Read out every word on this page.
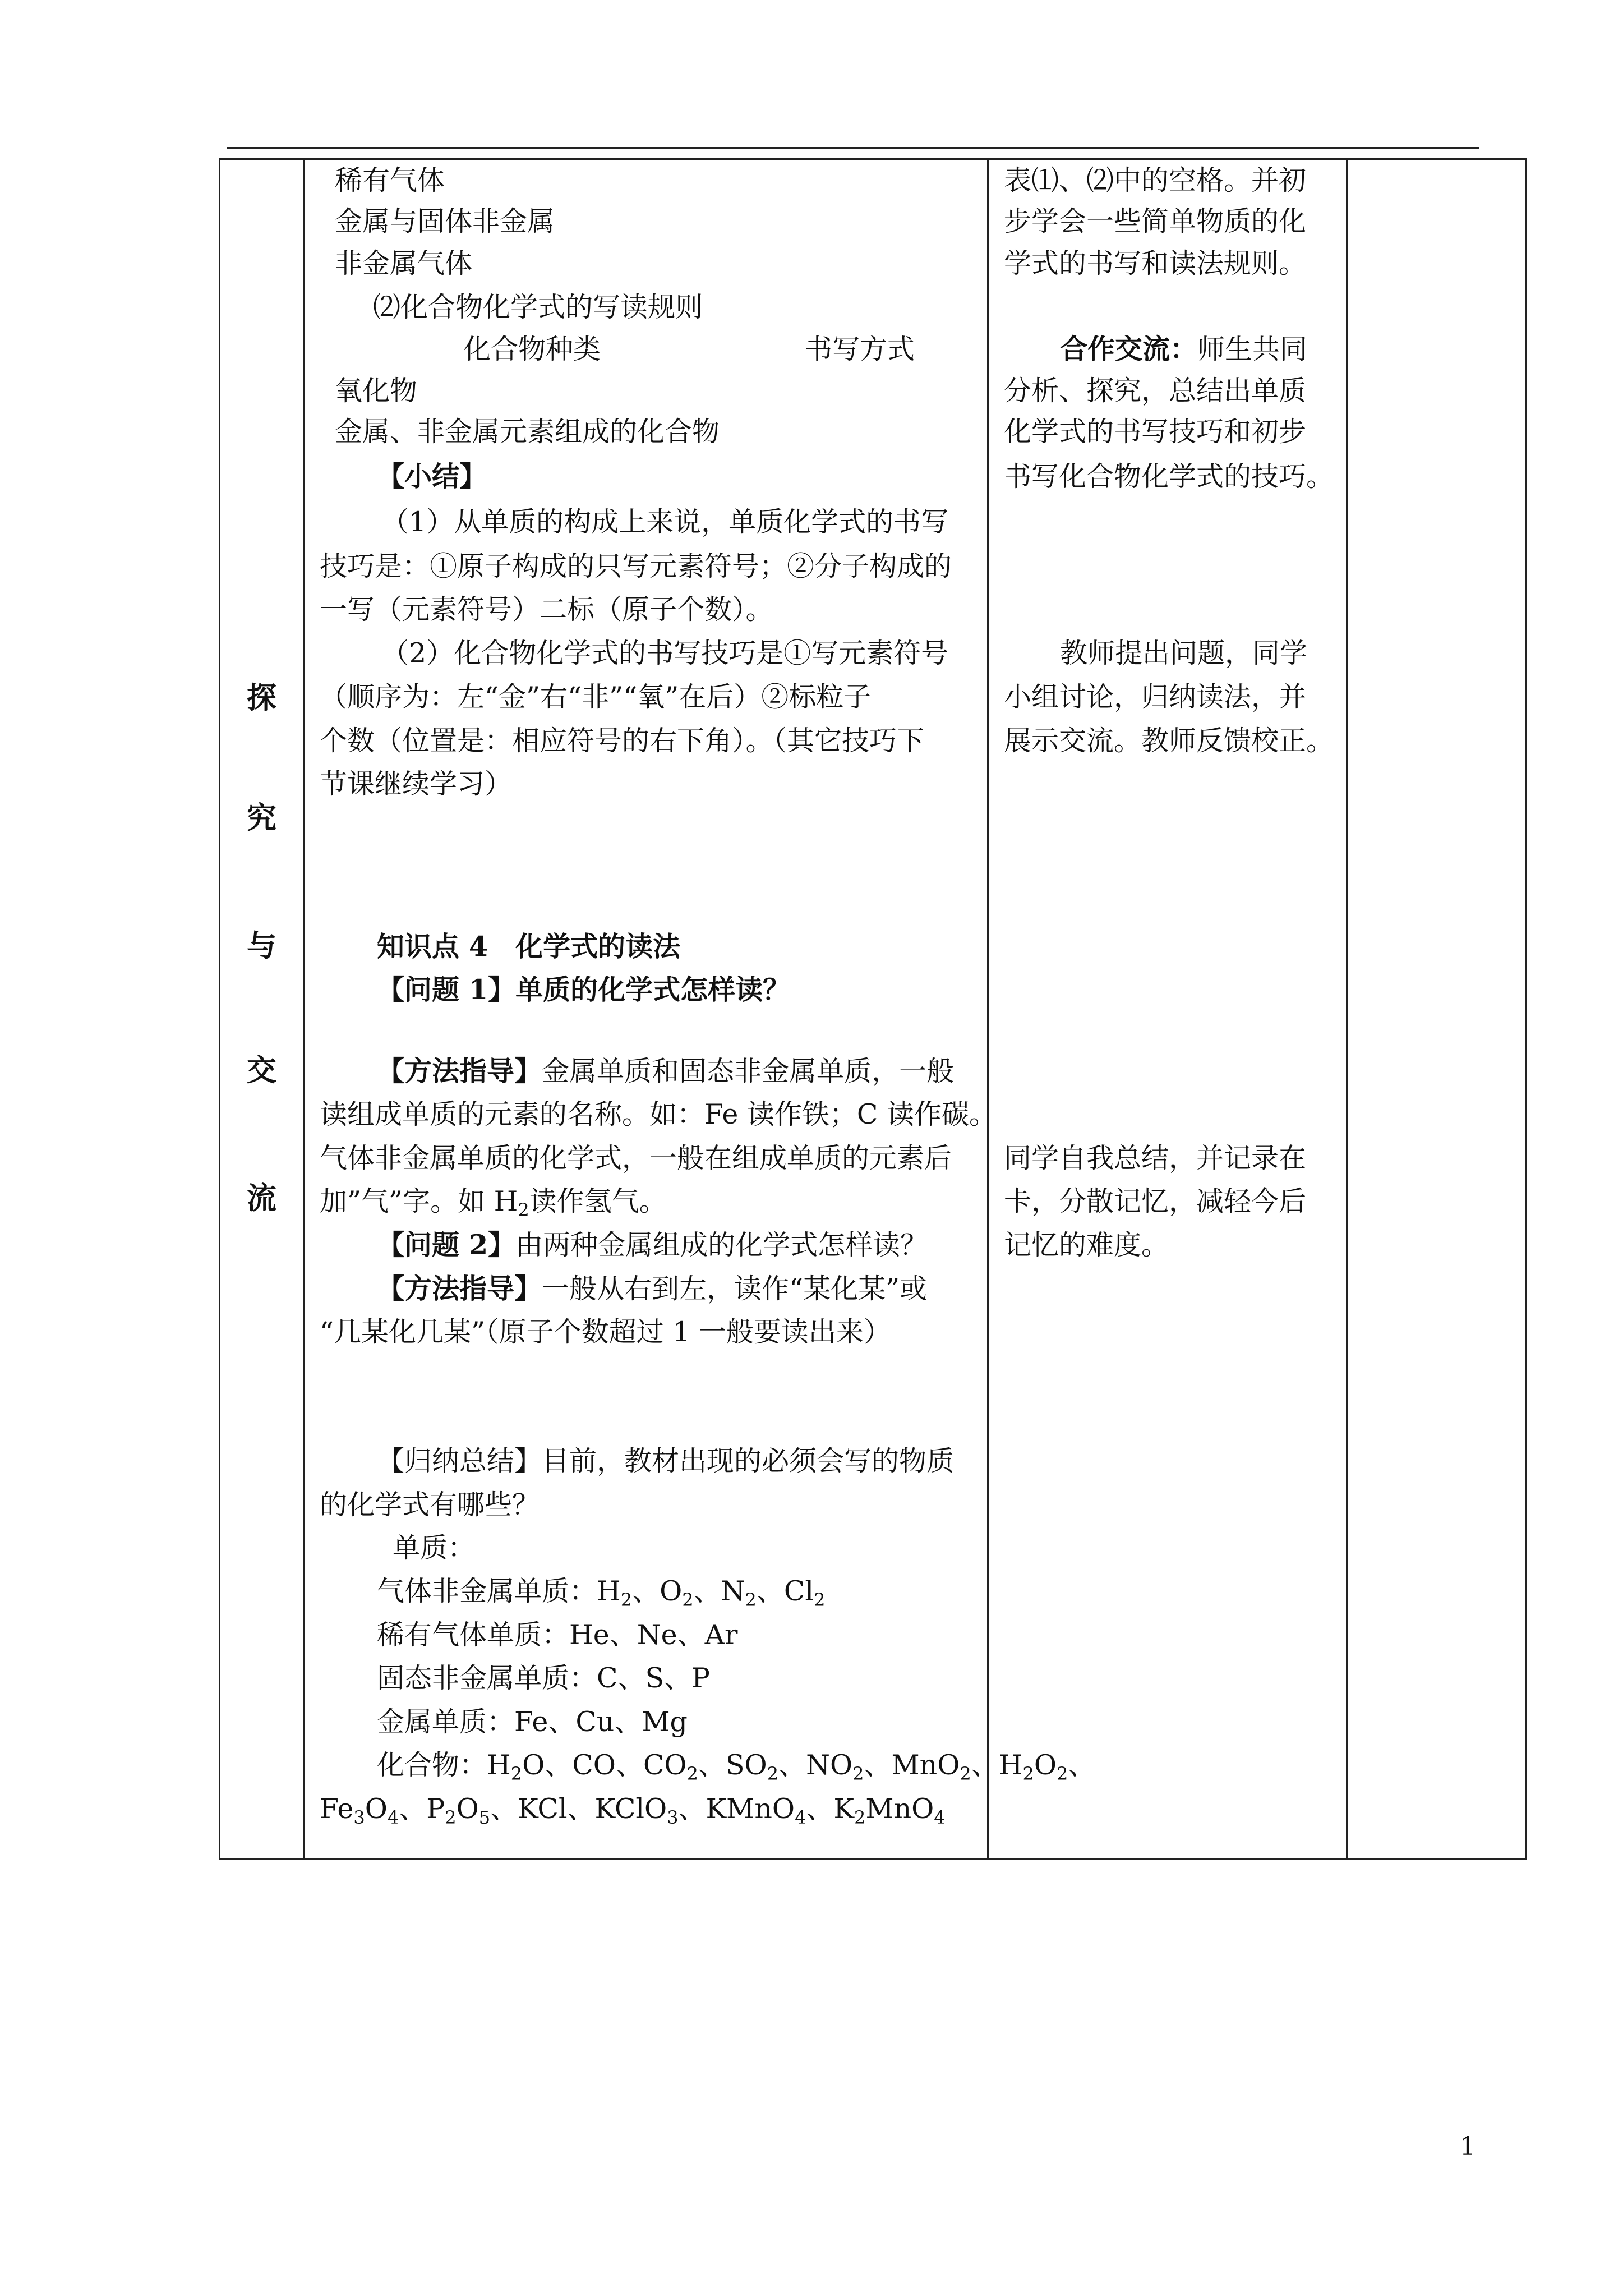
探
究
与
交
流
稀有气体
金属与固体非金属
非金属气体
⑵化合物化学式的写读规则
化合物种类	书写方式
氧化物
金属、非金属元素组成的化合物
【小结】
（1）从单质的构成上来说，单质化学式的书写
技巧是：①原子构成的只写元素符号；②分子构成的
一写（元素符号）二标（原子个数）。
（2）化合物化学式的书写技巧是①写元素符号
（顺序为：左“金”右“非”“氧”在后）②标粒子
个数（位置是：相应符号的右下角）。（其它技巧下
节课继续学习）
知识点 4　化学式的读法
【问题 1】单质的化学式怎样读？
【方法指导】金属单质和固态非金属单质，一般
读组成单质的元素的名称。如：Fe 读作铁；C 读作碳。
气体非金属单质的化学式，一般在组成单质的元素后
加”气”字。如 $H_2$读作氢气。
【问题 2】由两种金属组成的化学式怎样读？
【方法指导】一般从右到左，读作“某化某”或
“几某化几某”（原子个数超过 1 一般要读出来）
【归纳总结】目前，教材出现的必须会写的物质
的化学式有哪些？
单质：
气体非金属单质：$H_2$、$O_2$、$N_2$、$Cl_2$
稀有气体单质：He、Ne、Ar
固态非金属单质：C、S、P
金属单质：Fe、Cu、Mg
化合物：$H_2O$、CO、$CO_2$、$SO_2$、$NO_2$、MnO$_2$、$H_2O_2$、
$Fe_3O_4$、$P_2O_5$、KCl、KClO$_3$、KMnO$_4$、$K_2MnO_4$
表⑴、⑵中的空格。并初
步学会一些简单物质的化
学式的书写和读法规则。
合作交流：师生共同
分析、探究，总结出单质
化学式的书写技巧和初步
书写化合物化学式的技巧。
教师提出问题，同学
小组讨论，归纳读法，并
展示交流。教师反馈校正。
同学自我总结，并记录在
卡，分散记忆，减轻今后
记忆的难度。
1
